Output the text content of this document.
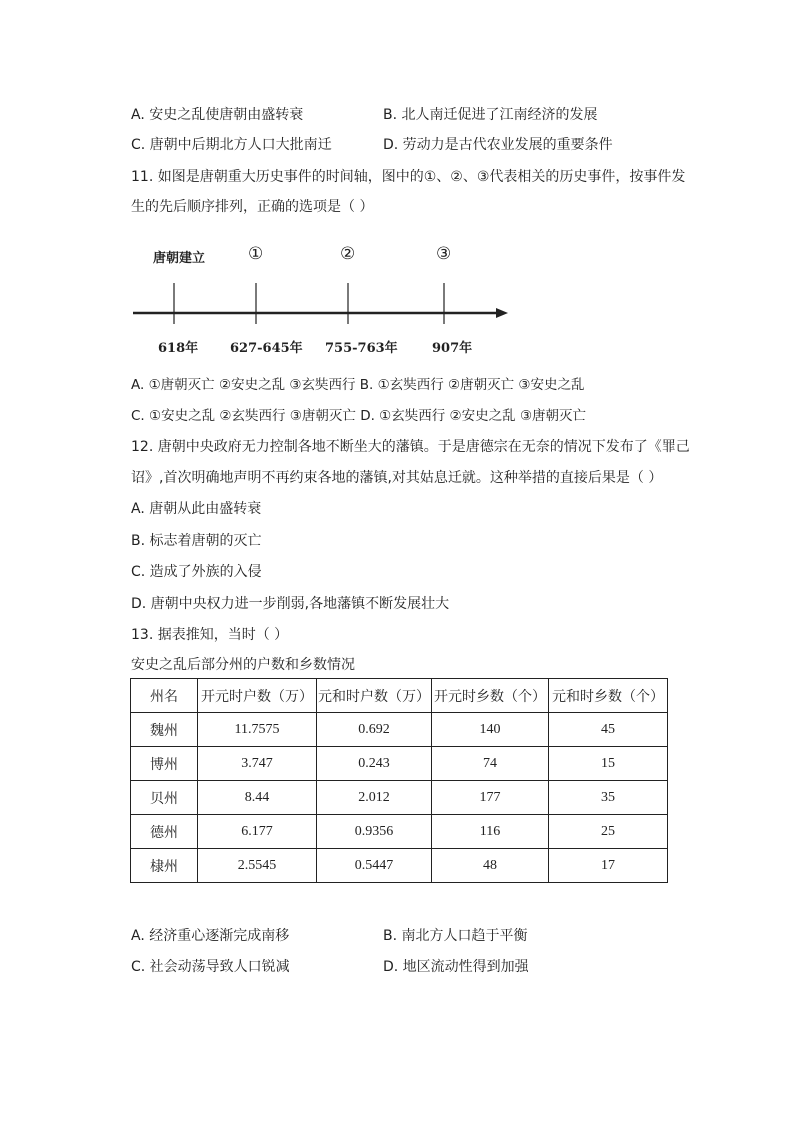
A. 安史之乱使唐朝由盛转衰	B. 北人南迁促进了江南经济的发展
C. 唐朝中后期北方人口大批南迁	D. 劳动力是古代农业发展的重要条件
11. 如图是唐朝重大历史事件的时间轴，图中的①、②、③代表相关的历史事件，按事件发
生的先后顺序排列，正确的选项是（ ）
唐朝建立	①	②	③
618年 627-645年 755-763年	907年
A. ①唐朝灭亡 ②安史之乱 ③玄奘西行 B. ①玄奘西行 ②唐朝灭亡 ③安史之乱
C. ①安史之乱 ②玄奘西行 ③唐朝灭亡 D. ①玄奘西行 ②安史之乱 ③唐朝灭亡
12. 唐朝中央政府无力控制各地不断坐大的藩镇。于是唐德宗在无奈的情况下发布了《罪己
诏》,首次明确地声明不再约束各地的藩镇,对其姑息迁就。这种举措的直接后果是（ ）
A. 唐朝从此由盛转衰
B. 标志着唐朝的灭亡
C. 造成了外族的入侵
D. 唐朝中央权力进一步削弱,各地藩镇不断发展壮大
13. 据表推知，当时（ ）
安史之乱后部分州的户数和乡数情况
州名	开元时户数（万）	元和时户数（万）	开元时乡数（个）	元和时乡数（个）
魏州	11.7575	0.692	140	45
博州	3.747	0.243	74	15
贝州	8.44	2.012	177	35
德州	6.177	0.9356	116	25
棣州	2.5545	0.5447	48	17
A. 经济重心逐渐完成南移	B. 南北方人口趋于平衡
C. 社会动荡导致人口锐减	D. 地区流动性得到加强
